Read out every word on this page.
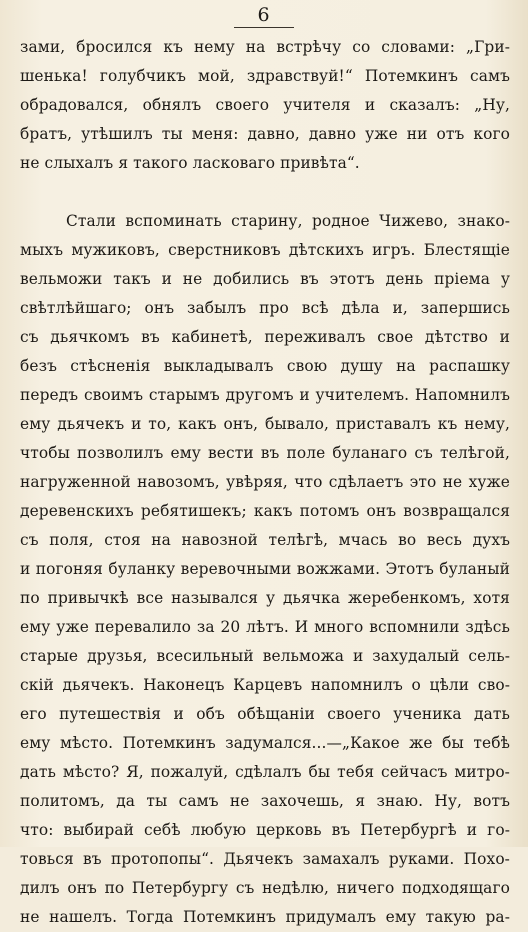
6
зами, бросился къ нему на встрѣчу со словами: „Гри-
шенька! голубчикъ мой, здравствуй!“ Потемкинъ самъ
обрадовался, обнялъ своего учителя и сказалъ: „Ну,
братъ, утѣшилъ ты меня: давно, давно уже ни отъ кого
не слыхалъ я такого ласковаго привѣта“.
Стали вспоминать старину, родное Чижево, знако-
мыхъ мужиковъ, сверстниковъ дѣтскихъ игръ. Блестящіе
вельможи такъ и не добились въ этотъ день пріема у
свѣтлѣйшаго; онъ забылъ про всѣ дѣла и, запершись
съ дьячкомъ въ кабинетѣ, переживалъ свое дѣтство и
безъ стѣсненія выкладывалъ свою душу на распашку
передъ своимъ старымъ другомъ и учителемъ. Напомнилъ
ему дьячекъ и то, какъ онъ, бывало, приставалъ къ нему,
чтобы позволилъ ему вести въ поле буланаго съ телѣгой,
нагруженной навозомъ, увѣряя, что сдѣлаетъ это не хуже
деревенскихъ ребятишекъ; какъ потомъ онъ возвращался
съ поля, стоя на навозной телѣгѣ, мчась во весь духъ
и погоняя буланку веревочными вожжами. Этотъ буланый
по привычкѣ все назывался у дьячка жеребенкомъ, хотя
ему уже перевалило за 20 лѣтъ. И много вспомнили здѣсь
старые друзья, всесильный вельможа и захудалый сель-
скій дьячекъ. Наконецъ Карцевъ напомнилъ о цѣли сво-
его путешествія и объ обѣщаніи своего ученика дать
ему мѣсто. Потемкинъ задумался...—„Какое же бы тебѣ
дать мѣсто? Я, пожалуй, сдѣлалъ бы тебя сейчасъ митро-
политомъ, да ты самъ не захочешь, я знаю. Ну, вотъ
что: выбирай себѣ любую церковь въ Петербургѣ и го-
товься въ протопопы“. Дьячекъ замахалъ руками. Похо-
дилъ онъ по Петербургу съ недѣлю, ничего подходящаго
не нашелъ. Тогда Потемкинъ придумалъ ему такую ра-
